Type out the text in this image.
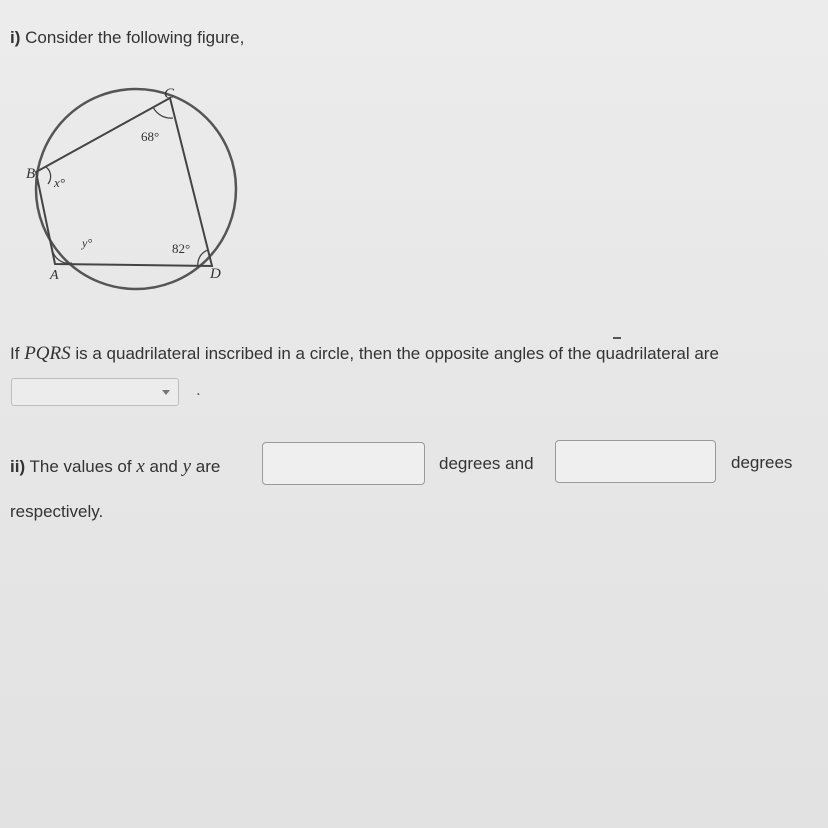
i) Consider the following figure,
C
B
A	D
68°
x°
y°	82°
If PQRS is a quadrilateral inscribed in a circle, then the opposite angles of the quadrilateral are
.
ii) The values of x and y are	degrees and	degrees
respectively.
